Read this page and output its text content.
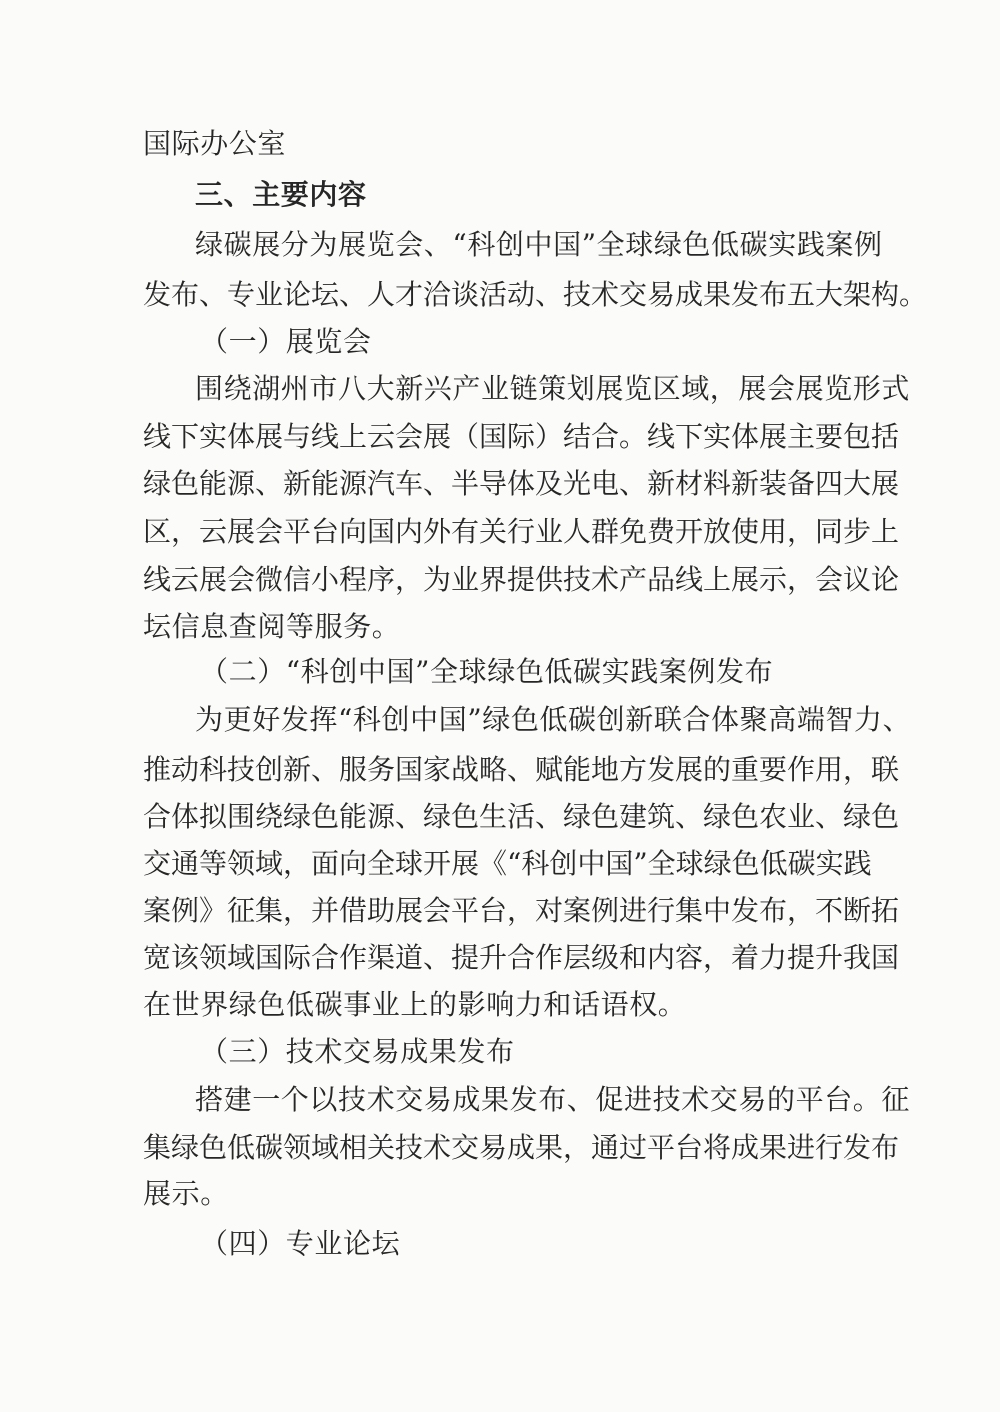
国际办公室
三、主要内容
绿碳展分为展览会、“科创中国”全球绿色低碳实践案例
发布、专业论坛、人才洽谈活动、技术交易成果发布五大架构。
（一）展览会
围绕湖州市八大新兴产业链策划展览区域，展会展览形式
线下实体展与线上云会展（国际）结合。线下实体展主要包括
绿色能源、新能源汽车、半导体及光电、新材料新装备四大展
区，云展会平台向国内外有关行业人群免费开放使用，同步上
线云展会微信小程序，为业界提供技术产品线上展示，会议论
坛信息查阅等服务。
（二）“科创中国”全球绿色低碳实践案例发布
为更好发挥“科创中国”绿色低碳创新联合体聚高端智力、
推动科技创新、服务国家战略、赋能地方发展的重要作用，联
合体拟围绕绿色能源、绿色生活、绿色建筑、绿色农业、绿色
交通等领域，面向全球开展《“科创中国”全球绿色低碳实践
案例》征集，并借助展会平台，对案例进行集中发布，不断拓
宽该领域国际合作渠道、提升合作层级和内容，着力提升我国
在世界绿色低碳事业上的影响力和话语权。
（三）技术交易成果发布
搭建一个以技术交易成果发布、促进技术交易的平台。征
集绿色低碳领域相关技术交易成果，通过平台将成果进行发布
展示。
（四）专业论坛
